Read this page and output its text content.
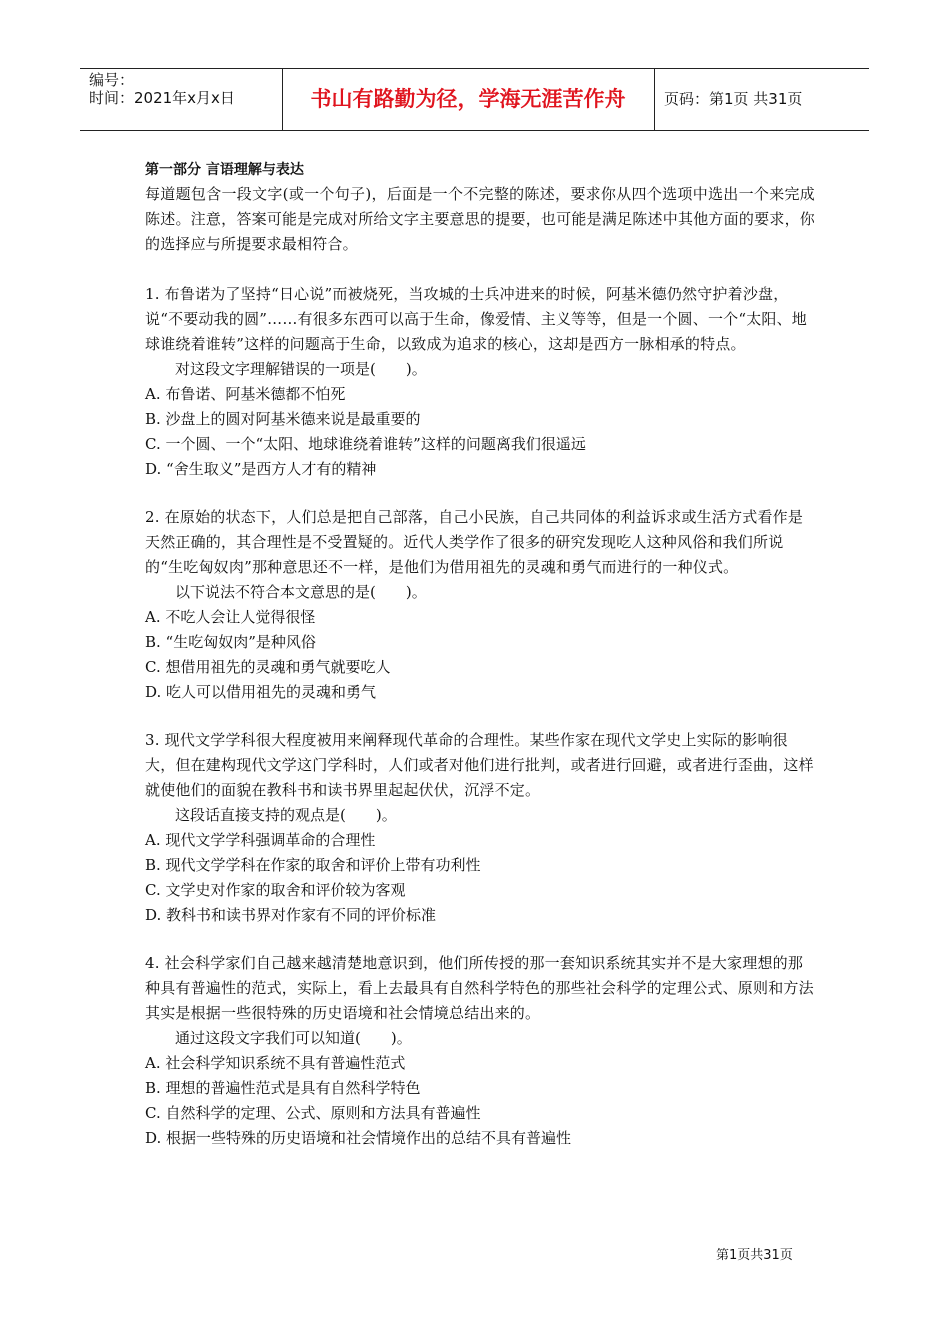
编号：
时间：2021年x月x日	书山有路勤为径，学海无涯苦作舟	页码：第1页 共31页
第一部分 言语理解与表达

每道题包含一段文字(或一个句子)，后面是一个不完整的陈述，要求你从四个选项中选出一个来完成陈述。注意，答案可能是完成对所给文字主要意思的提要，也可能是满足陈述中其他方面的要求，你的选择应与所提要求最相符合。

1. 布鲁诺为了坚持“日心说”而被烧死，当攻城的士兵冲进来的时候，阿基米德仍然守护着沙盘，说“不要动我的圆”……有很多东西可以高于生命，像爱情、主义等等，但是一个圆、一个“太阳、地球谁绕着谁转”这样的问题高于生命，以致成为追求的核心，这却是西方一脉相承的特点。

对这段文字理解错误的一项是(　　)。
A. 布鲁诺、阿基米德都不怕死
B. 沙盘上的圆对阿基米德来说是最重要的
C. 一个圆、一个“太阳、地球谁绕着谁转”这样的问题离我们很遥远
D. “舍生取义”是西方人才有的精神

2. 在原始的状态下，人们总是把自己部落，自己小民族，自己共同体的利益诉求或生活方式看作是天然正确的，其合理性是不受置疑的。近代人类学作了很多的研究发现吃人这种风俗和我们所说的“生吃匈奴肉”那种意思还不一样，是他们为借用祖先的灵魂和勇气而进行的一种仪式。

以下说法不符合本文意思的是(　　)。
A. 不吃人会让人觉得很怪
B. “生吃匈奴肉”是种风俗
C. 想借用祖先的灵魂和勇气就要吃人
D. 吃人可以借用祖先的灵魂和勇气

3. 现代文学学科很大程度被用来阐释现代革命的合理性。某些作家在现代文学史上实际的影响很大，但在建构现代文学这门学科时，人们或者对他们进行批判，或者进行回避，或者进行歪曲，这样就使他们的面貌在教科书和读书界里起起伏伏，沉浮不定。

这段话直接支持的观点是(　　)。
A. 现代文学学科强调革命的合理性
B. 现代文学学科在作家的取舍和评价上带有功利性
C. 文学史对作家的取舍和评价较为客观
D. 教科书和读书界对作家有不同的评价标准

4. 社会科学家们自己越来越清楚地意识到，他们所传授的那一套知识系统其实并不是大家理想的那种具有普遍性的范式，实际上，看上去最具有自然科学特色的那些社会科学的定理公式、原则和方法其实是根据一些很特殊的历史语境和社会情境总结出来的。

通过这段文字我们可以知道(　　)。
A. 社会科学知识系统不具有普遍性范式
B. 理想的普遍性范式是具有自然科学特色
C. 自然科学的定理、公式、原则和方法具有普遍性
D. 根据一些特殊的历史语境和社会情境作出的总结不具有普遍性
第1页共31页
